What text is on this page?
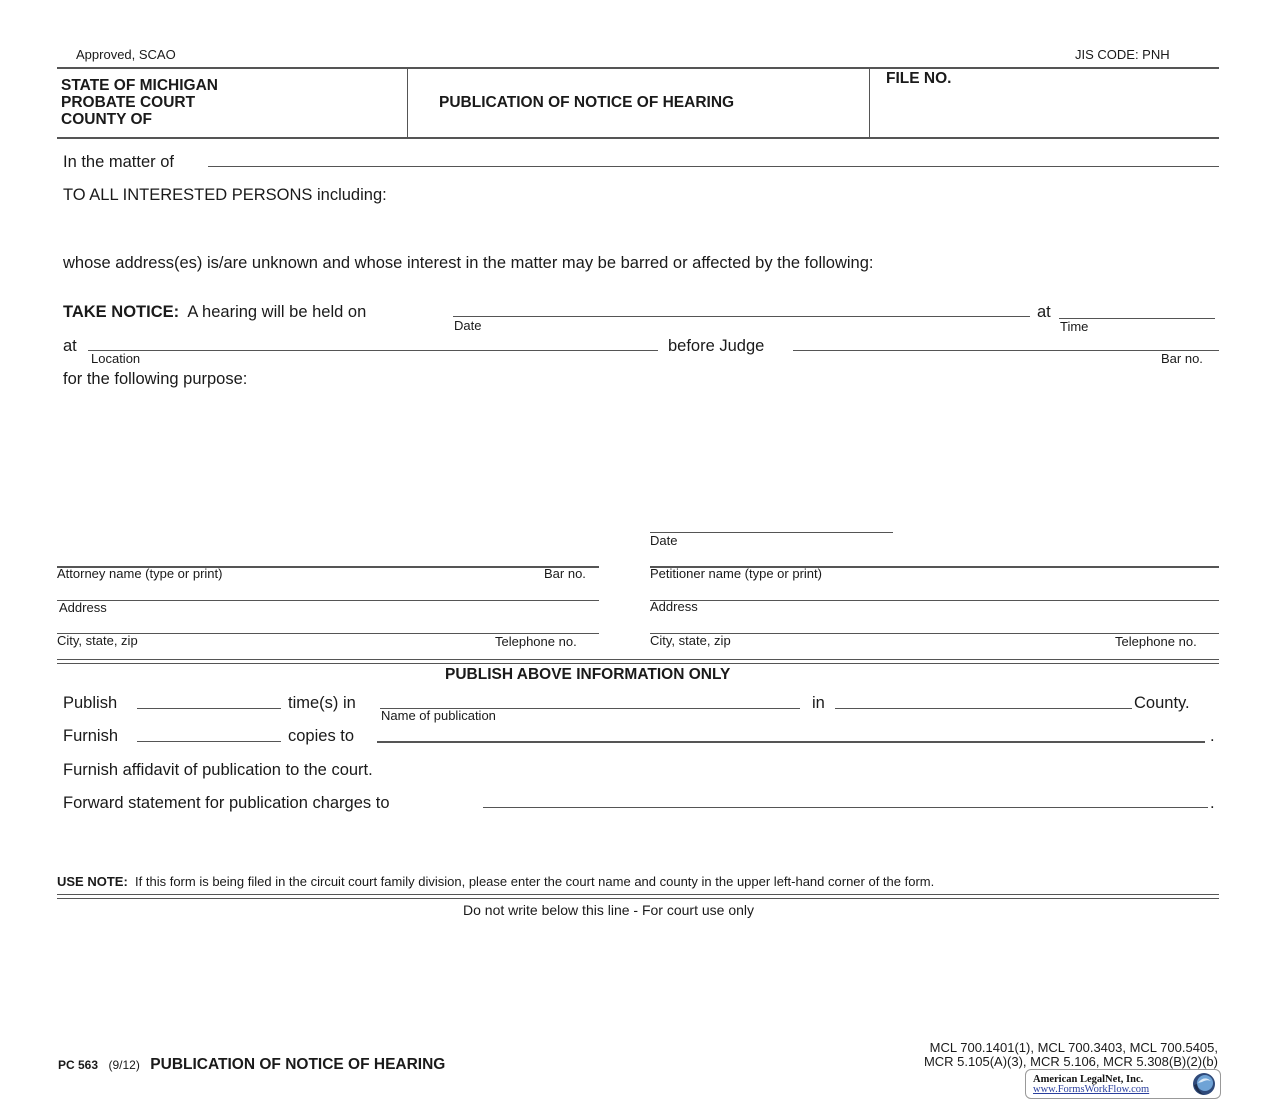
Approved, SCAO	JIS CODE: PNH
STATE OF MICHIGAN
PROBATE COURT
COUNTY OF
PUBLICATION OF NOTICE OF HEARING
FILE NO.
In the matter of
TO ALL INTERESTED PERSONS including:
whose address(es) is/are unknown and whose interest in the matter may be barred or affected by the following:
TAKE NOTICE: A hearing will be held on
Date
at
Time
at
Location
before Judge
Bar no.
for the following purpose:
Date
Attorney name (type or print)	Bar no.
Address
City, state, zip	Telephone no.
Petitioner name (type or print)
Address
City, state, zip	Telephone no.
PUBLISH ABOVE INFORMATION ONLY
Publish	time(s) in
Name of publication
in	County.
Furnish	copies to	.
Furnish affidavit of publication to the court.
Forward statement for publication charges to	.
USE NOTE: If this form is being filed in the circuit court family division, please enter the court name and county in the upper left-hand corner of the form.
Do not write below this line - For court use only
PC 563 (9/12) PUBLICATION OF NOTICE OF HEARING
MCL 700.1401(1), MCL 700.3403, MCL 700.5405,
MCR 5.105(A)(3), MCR 5.106, MCR 5.308(B)(2)(b)
American LegalNet, Inc.
www.FormsWorkFlow.com
